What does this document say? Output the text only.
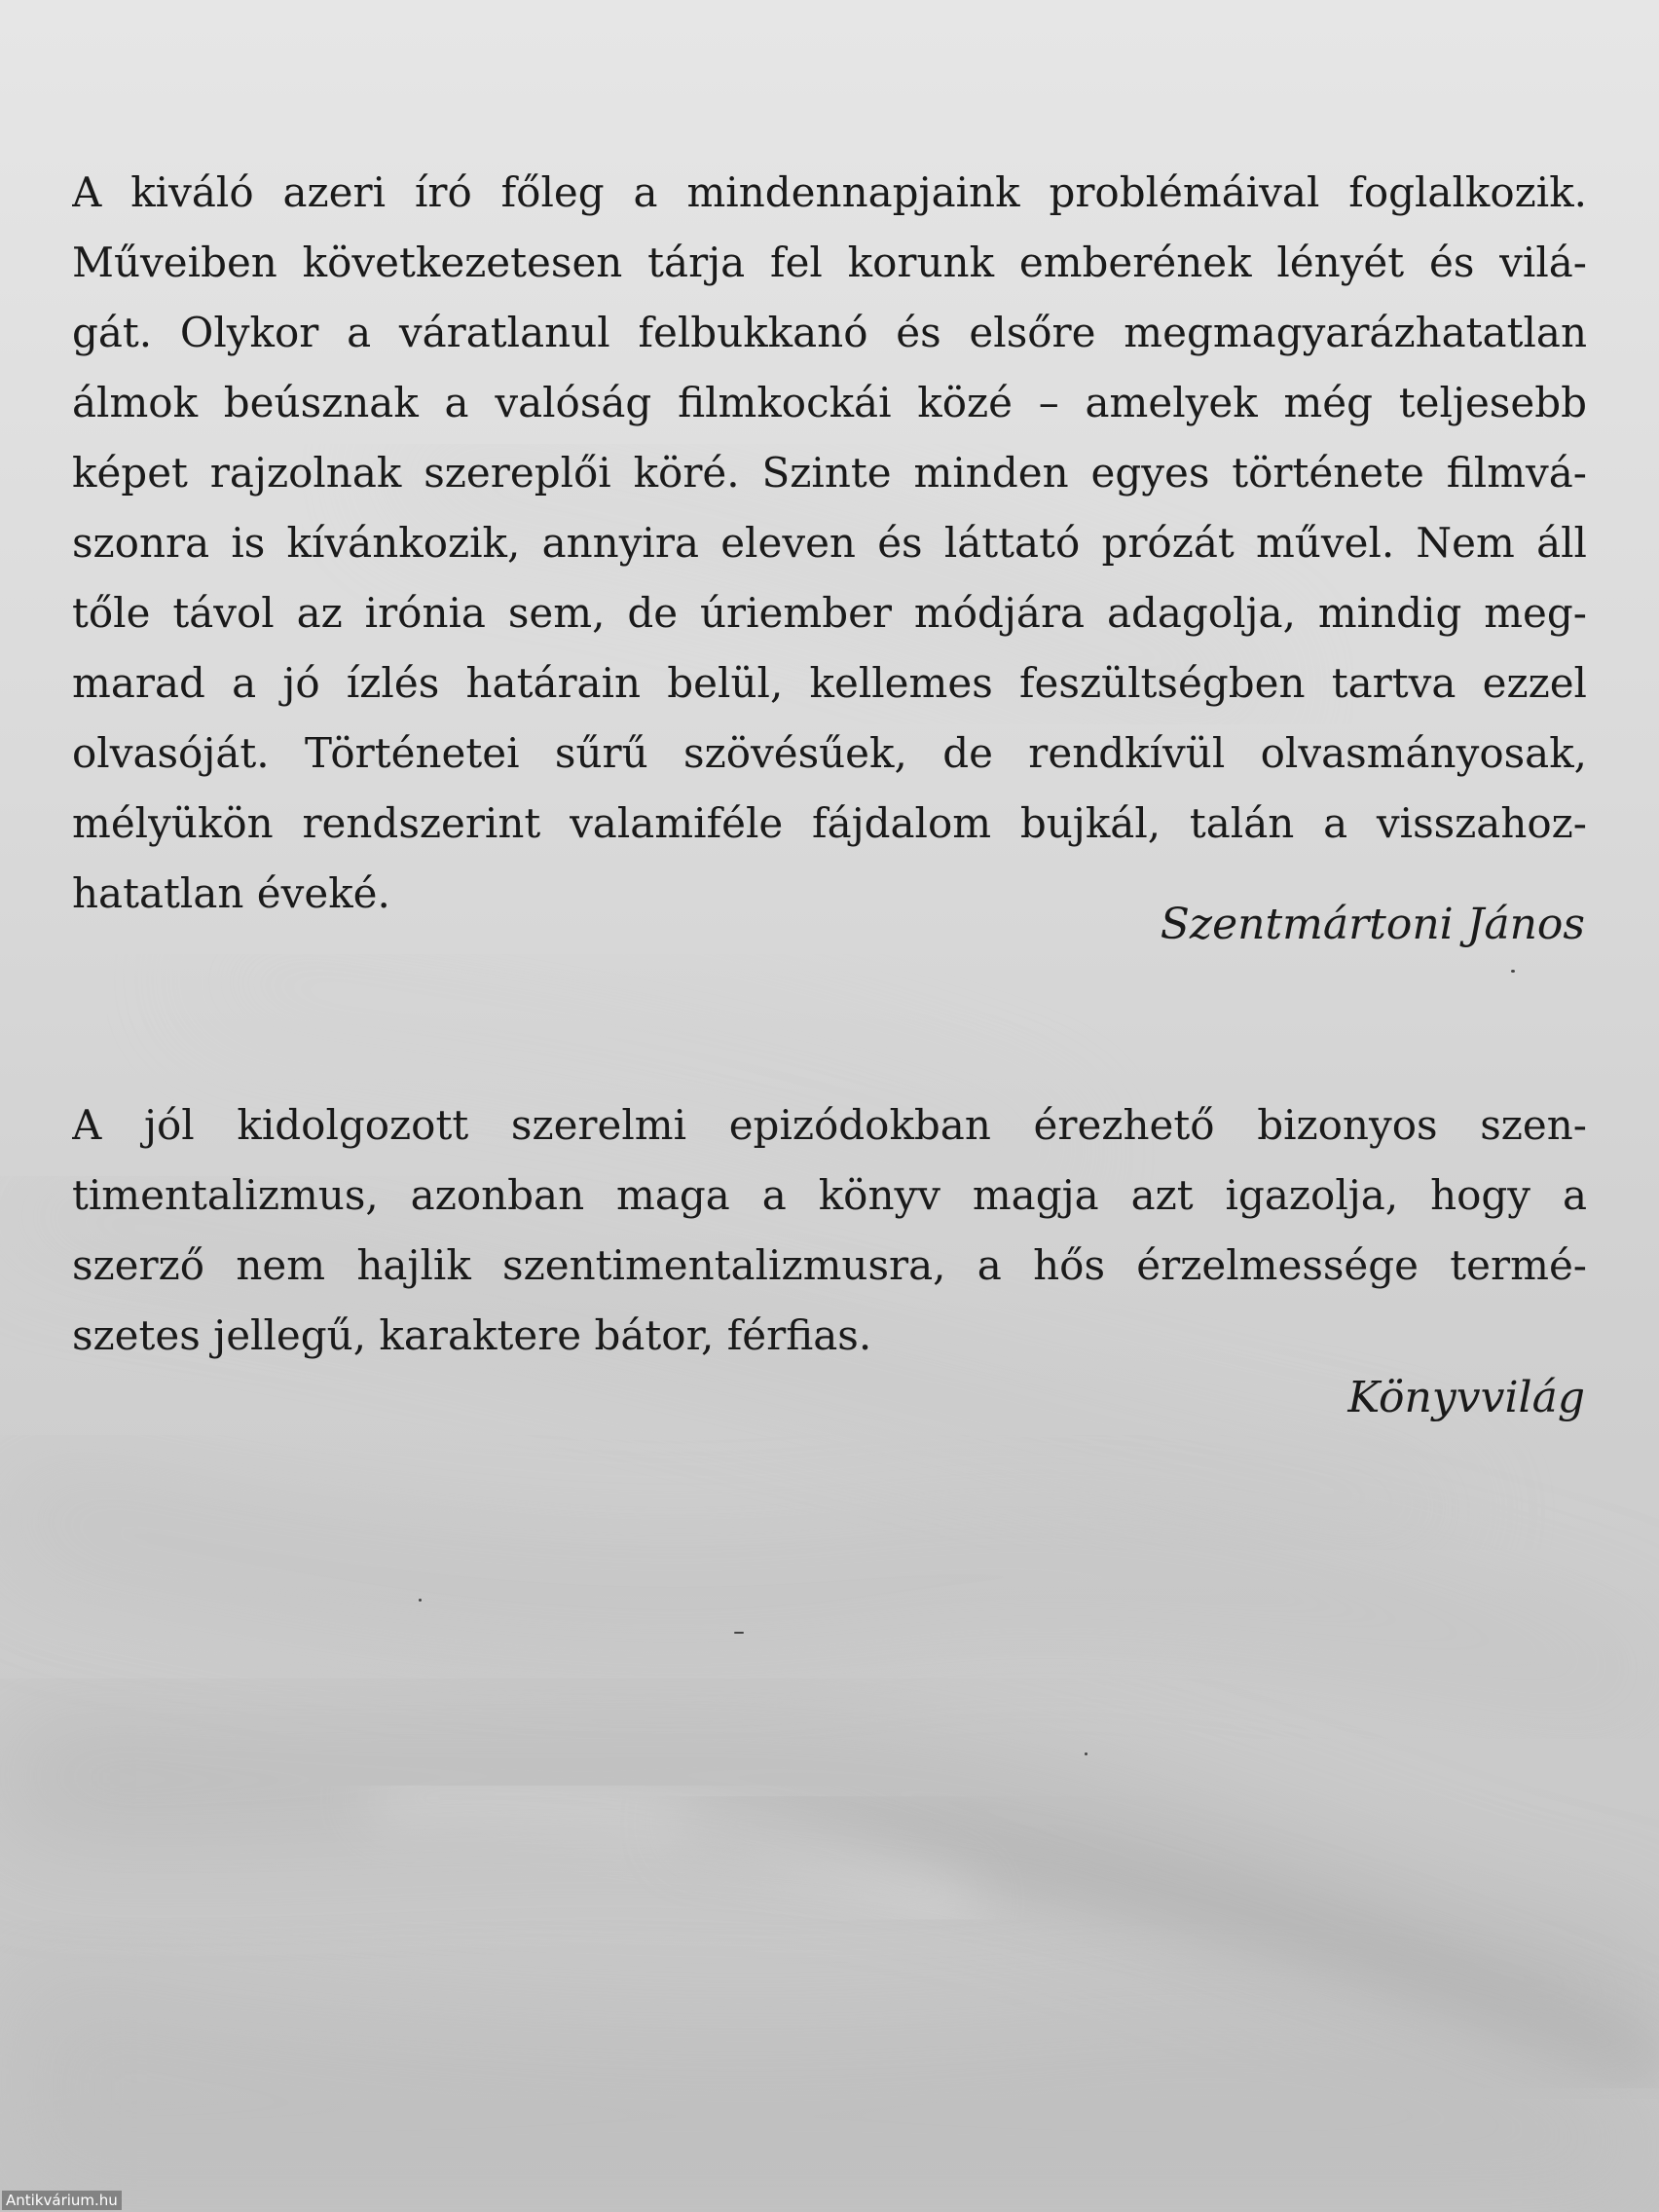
A kiváló azeri író főleg a mindennapjaink problémáival foglalkozik.
Műveiben következetesen tárja fel korunk emberének lényét és vilá-
gát. Olykor a váratlanul felbukkanó és elsőre megmagyarázhatatlan
álmok beúsznak a valóság filmkockái közé – amelyek még teljesebb
képet rajzolnak szereplői köré. Szinte minden egyes története filmvá-
szonra is kívánkozik, annyira eleven és láttató prózát művel. Nem áll
tőle távol az irónia sem, de úriember módjára adagolja, mindig meg-
marad a jó ízlés határain belül, kellemes feszültségben tartva ezzel
olvasóját. Történetei sűrű szövésűek, de rendkívül olvasmányosak,
mélyükön rendszerint valamiféle fájdalom bujkál, talán a visszahoz-
hatatlan éveké.
Szentmártoni János
A jól kidolgozott szerelmi epizódokban érezhető bizonyos szen-
timentalizmus, azonban maga a könyv magja azt igazolja, hogy a
szerző nem hajlik szentimentalizmusra, a hős érzelmessége termé-
szetes jellegű, karaktere bátor, férfias.
Könyvvilág
Antikvárium.hu
